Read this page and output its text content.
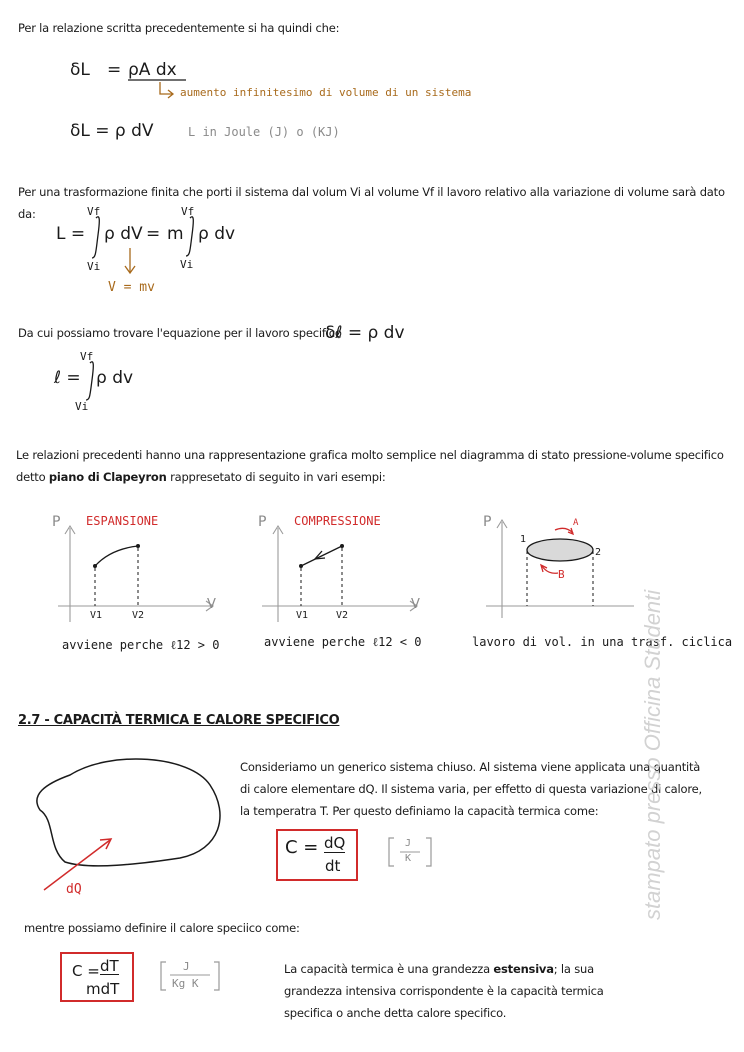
Per la relazione scritta precedentemente si ha quindi che:
δL = ρA dx
aumento infinitesimo di volume di un sistema
δL = ρ dV	L in Joule (J) o (KJ)
Per una trasformazione finita che porti il sistema dal volum Vi al volume Vf il lavoro relativo alla variazione di volume sarà dato da:
L =
Vf
Vi
ρ dV = m
Vf
Vi
ρ dv
V = mv
Da cui possiamo trovare l'equazione per il lavoro specifico
δℓ = ρ dv
ℓ =
Vf
Vi
ρ dv
Le relazioni precedenti hanno una rappresentazione grafica molto semplice nel diagramma di stato pressione-volume specifico detto piano di Clapeyron rappresetato di seguito in vari esempi:
P ESPANSIONE
V
V1	V2
avviene perche ℓ12 > 0
P COMPRESSIONE
V
V1	V2
avviene perche ℓ12 < 0
P
1
2
A
B
lavoro di vol. in una trasf. ciclica
2.7 - CAPACITÀ TERMICA E CALORE SPECIFICO
dQ
Consideriamo un generico sistema chiuso. Al sistema viene applicata una quantità di calore elementare dQ. Il sistema varia, per effetto di questa variazione di calore, la temperatra T. Per questo definiamo la capacità termica come:
C = dQ
dt
J
K
mentre possiamo definire il calore speciico come:
C = dT
mdT
J
Kg K
La capacità termica è una grandezza estensiva; la sua grandezza intensiva corrispondente è la capacità termica specifica o anche detta calore specifico.
stampato presso Officina Studenti
